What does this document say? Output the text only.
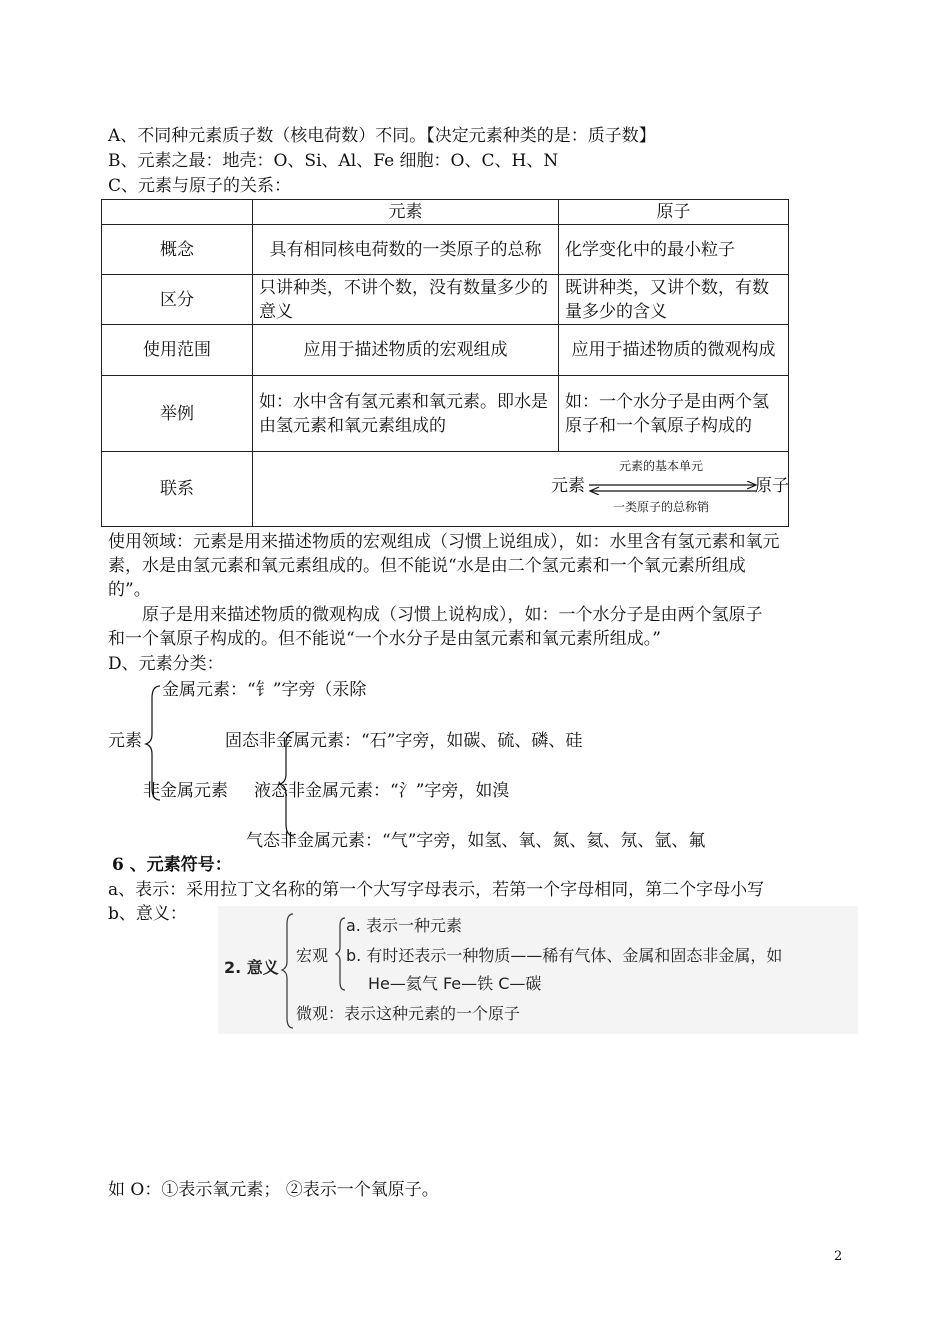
A、不同种元素质子数（核电荷数）不同。【决定元素种类的是：质子数】
B、元素之最：地壳：O、Si、Al、Fe 细胞：O、C、H、N
C、元素与原子的关系：
	元素	原子
概念	具有相同核电荷数的一类原子的总称	化学变化中的最小粒子
区分	只讲种类，不讲个数，没有数量多少的意义	既讲种类，又讲个数，有数量多少的含义
使用范围	应用于描述物质的宏观组成	应用于描述物质的微观构成
举例	如：水中含有氢元素和氧元素。即水是由氢元素和氧元素组成的	如：一个水分子是由两个氢原子和一个氧原子构成的
联系	元素
元素的基本单元
原子
一类原子的总称销	
使用领域：元素是用来描述物质的宏观组成（习惯上说组成），如：水里含有氢元素和氧元
素，水是由氢元素和氧元素组成的。但不能说“水是由二个氢元素和一个氧元素所组成
的”。
原子是用来描述物质的微观构成（习惯上说构成），如：一个水分子是由两个氢原子
和一个氧原子构成的。但不能说“一个水分子是由氢元素和氧元素所组成。”
D、元素分类：
金属元素：“钅”字旁（汞除
元素
非金属元素
固态非金属元素：“石”字旁，如碳、硫、磷、硅
液态非金属元素：“氵”字旁，如溴
气态非金属元素：“气”字旁，如氢、氧、氮、氦、氖、氩、氟
6 、元素符号：
a、表示：采用拉丁文名称的第一个大写字母表示，若第一个字母相同，第二个字母小写
b、意义：
2. 意义
宏观
a. 表示一种元素
b. 有时还表示一种物质——稀有气体、金属和固态非金属，如
He—氦气 Fe—铁 C—碳
微观：表示这种元素的一个原子
如 O：①表示氧元素； ②表示一个氧原子。
2
